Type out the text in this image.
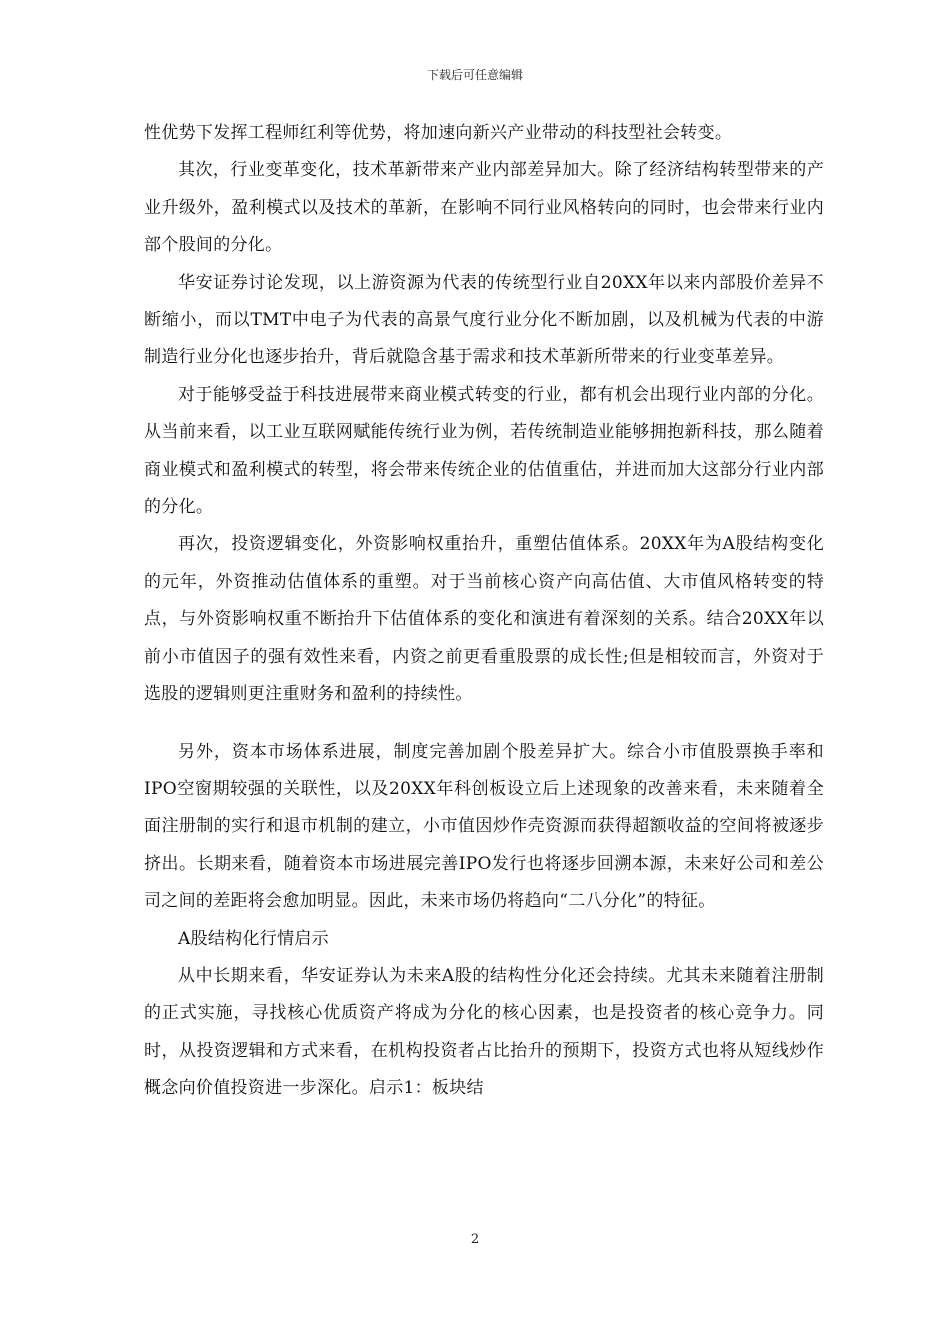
下载后可任意编辑

性优势下发挥工程师红利等优势，将加速向新兴产业带动的科技型社会转变。

其次，行业变革变化，技术革新带来产业内部差异加大。除了经济结构转型带来的产业升级外，盈利模式以及技术的革新，在影响不同行业风格转向的同时，也会带来行业内部个股间的分化。

华安证券讨论发现，以上游资源为代表的传统型行业自20XX年以来内部股价差异不断缩小，而以TMT中电子为代表的高景气度行业分化不断加剧，以及机械为代表的中游制造行业分化也逐步抬升，背后就隐含基于需求和技术革新所带来的行业变革差异。

对于能够受益于科技进展带来商业模式转变的行业，都有机会出现行业内部的分化。从当前来看，以工业互联网赋能传统行业为例，若传统制造业能够拥抱新科技，那么随着商业模式和盈利模式的转型，将会带来传统企业的估值重估，并进而加大这部分行业内部的分化。

再次，投资逻辑变化，外资影响权重抬升，重塑估值体系。20XX年为A股结构变化的元年，外资推动估值体系的重塑。对于当前核心资产向高估值、大市值风格转变的特点，与外资影响权重不断抬升下估值体系的变化和演进有着深刻的关系。结合20XX年以前小市值因子的强有效性来看，内资之前更看重股票的成长性;但是相较而言，外资对于选股的逻辑则更注重财务和盈利的持续性。

另外，资本市场体系进展，制度完善加剧个股差异扩大。综合小市值股票换手率和IPO空窗期较强的关联性，以及20XX年科创板设立后上述现象的改善来看，未来随着全面注册制的实行和退市机制的建立，小市值因炒作壳资源而获得超额收益的空间将被逐步挤出。长期来看，随着资本市场进展完善IPO发行也将逐步回溯本源，未来好公司和差公司之间的差距将会愈加明显。因此，未来市场仍将趋向“二八分化”的特征。

A股结构化行情启示

从中长期来看，华安证券认为未来A股的结构性分化还会持续。尤其未来随着注册制的正式实施，寻找核心优质资产将成为分化的核心因素，也是投资者的核心竞争力。同时，从投资逻辑和方式来看，在机构投资者占比抬升的预期下，投资方式也将从短线炒作概念向价值投资进一步深化。启示1：板块结

2
